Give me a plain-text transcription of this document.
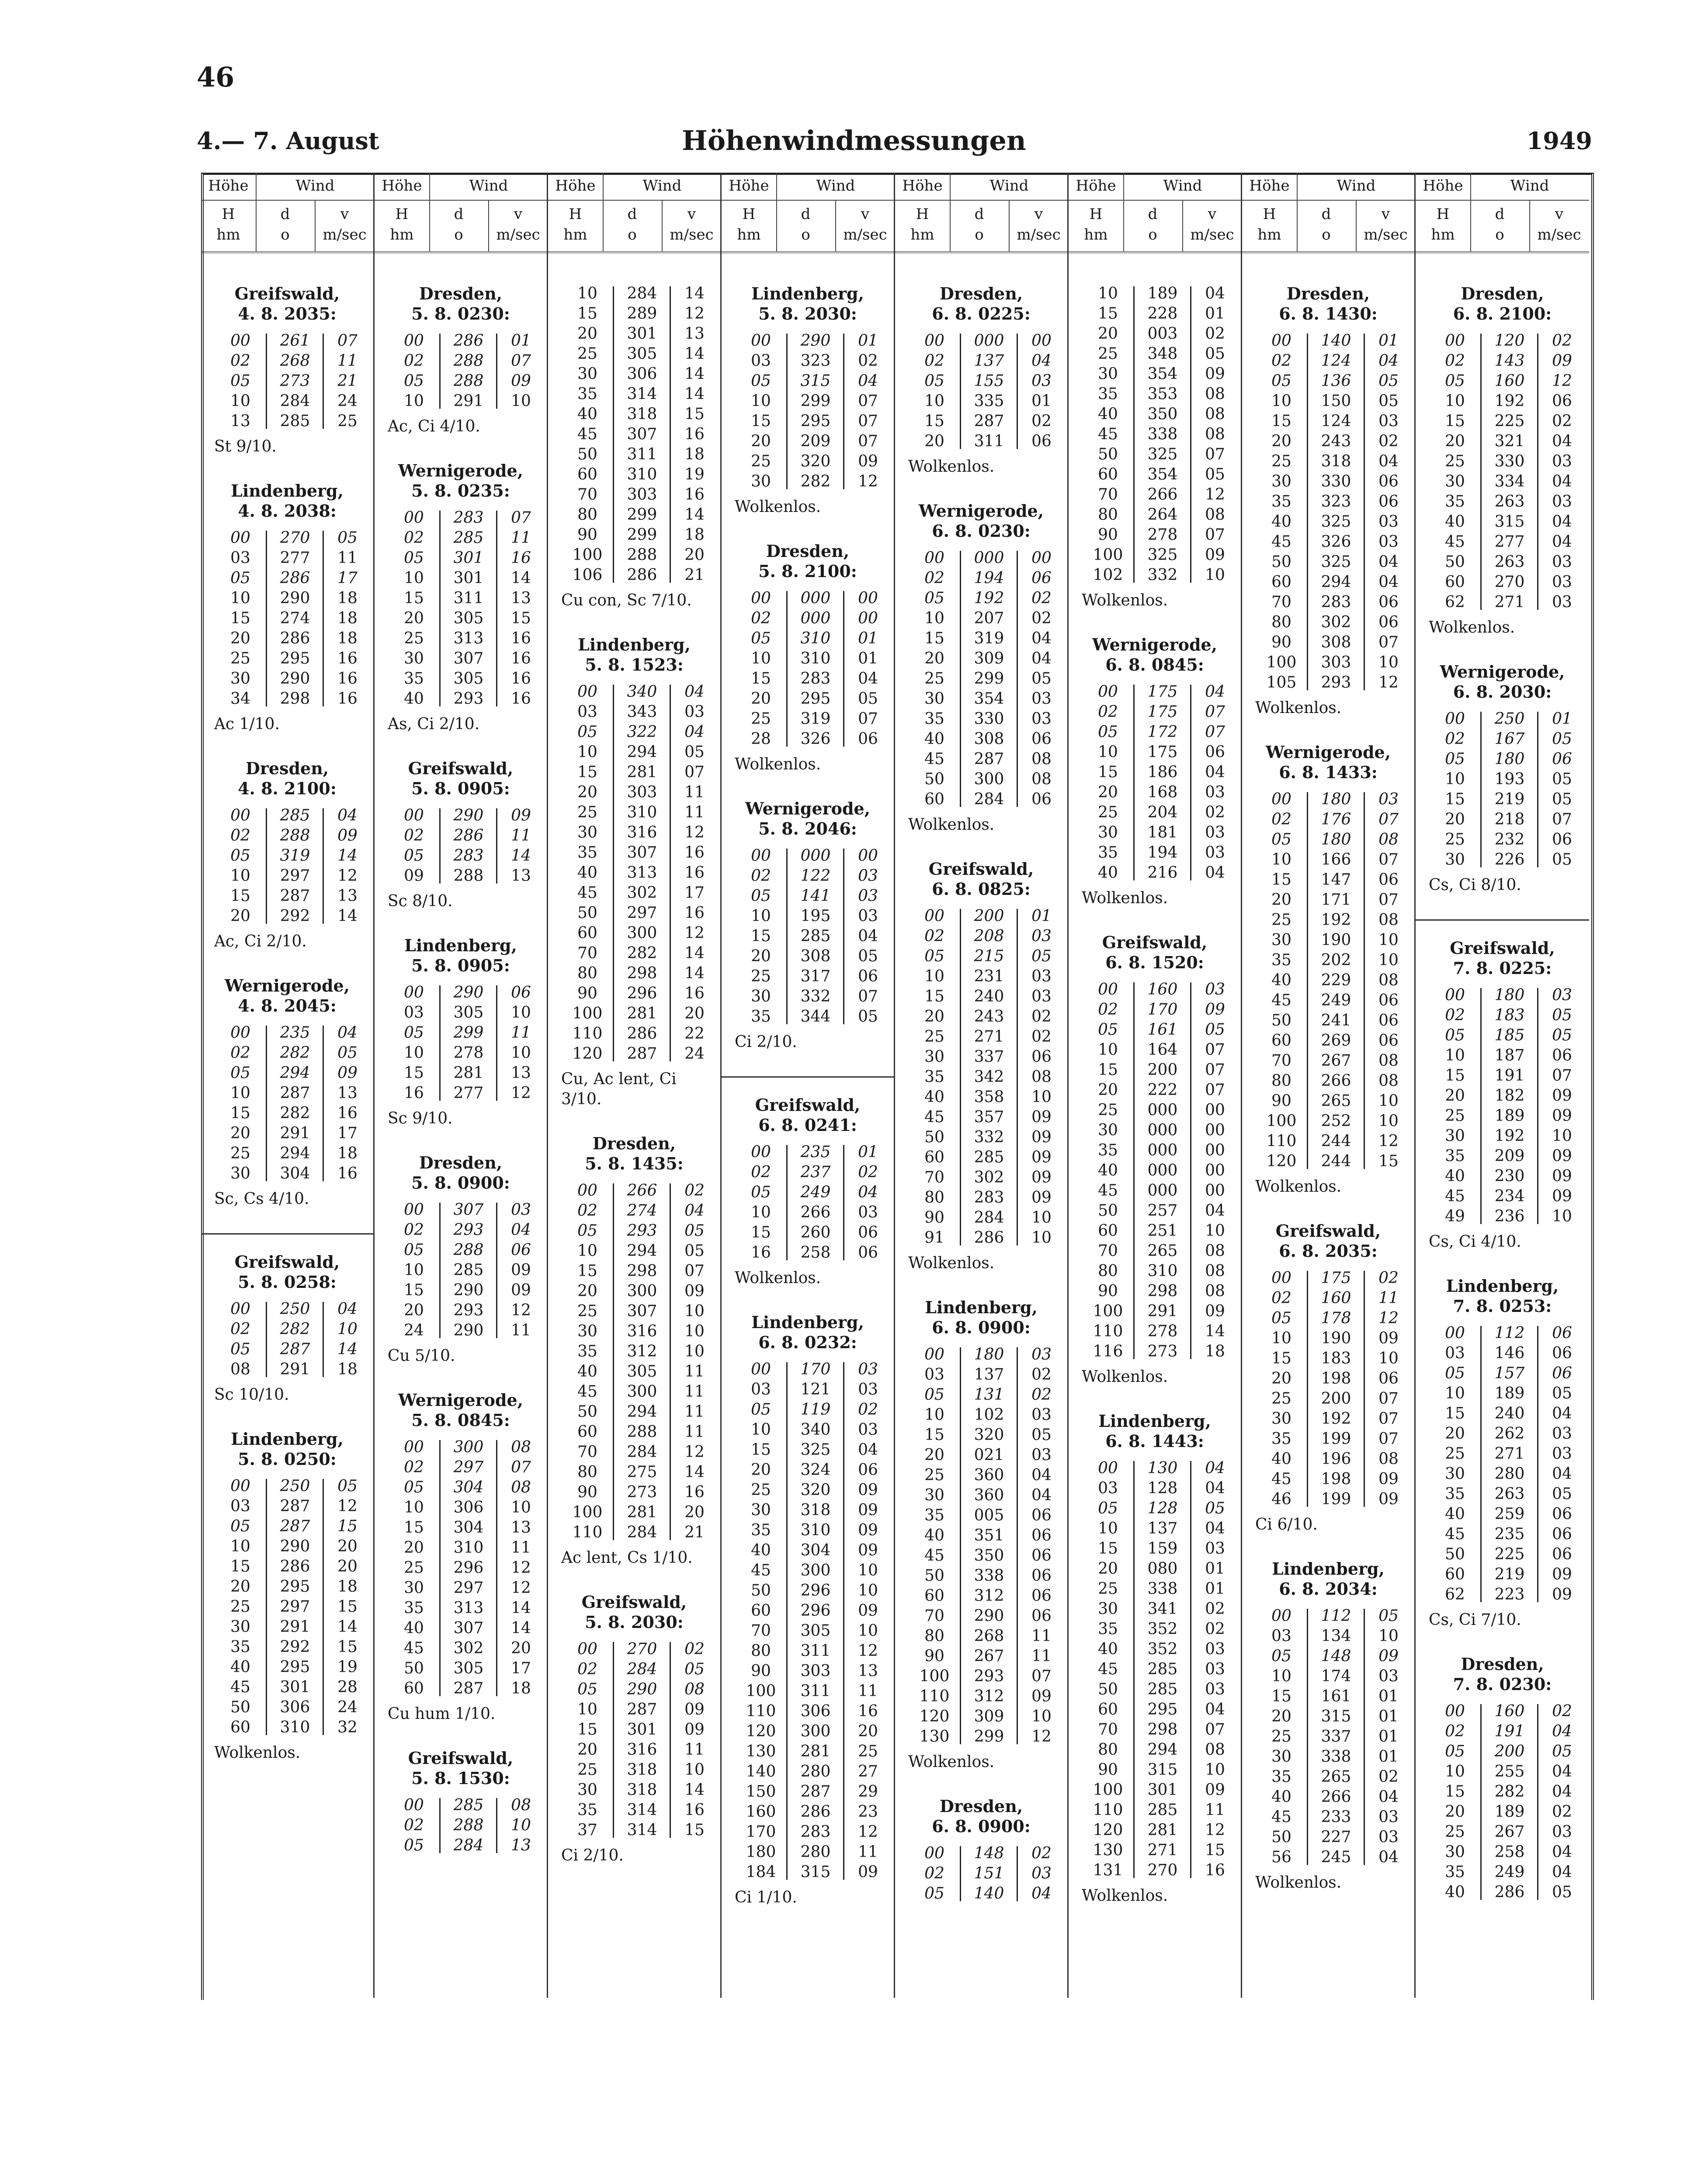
46
4.— 7. August	Höhenwindmessungen	1949
Höhe	Wind
H	d	v
hm	o	m/sec
Greifswald,
4. 8. 2035:
00	261	07
02	268	11
05	273	21
10	284	24
13	285	25
St 9/10.
Lindenberg,
4. 8. 2038:
00	270	05
03	277	11
05	286	17
10	290	18
15	274	18
20	286	18
25	295	16
30	290	16
34	298	16
Ac 1/10.
Dresden,
4. 8. 2100:
00	285	04
02	288	09
05	319	14
10	297	12
15	287	13
20	292	14
Ac, Ci 2/10.
Wernigerode,
4. 8. 2045:
00	235	04
02	282	05
05	294	09
10	287	13
15	282	16
20	291	17
25	294	18
30	304	16
Sc, Cs 4/10.
Greifswald,
5. 8. 0258:
00	250	04
02	282	10
05	287	14
08	291	18
Sc 10/10.
Lindenberg,
5. 8. 0250:
00	250	05
03	287	12
05	287	15
10	290	20
15	286	20
20	295	18
25	297	15
30	291	14
35	292	15
40	295	19
45	301	28
50	306	24
60	310	32
Wolkenlos.
Höhe	Wind
H	d	v
hm	o	m/sec
Dresden,
5. 8. 0230:
00	286	01
02	288	07
05	288	09
10	291	10
Ac, Ci 4/10.
Wernigerode,
5. 8. 0235:
00	283	07
02	285	11
05	301	16
10	301	14
15	311	13
20	305	15
25	313	16
30	307	16
35	305	16
40	293	16
As, Ci 2/10.
Greifswald,
5. 8. 0905:
00	290	09
02	286	11
05	283	14
09	288	13
Sc 8/10.
Lindenberg,
5. 8. 0905:
00	290	06
03	305	10
05	299	11
10	278	10
15	281	13
16	277	12
Sc 9/10.
Dresden,
5. 8. 0900:
00	307	03
02	293	04
05	288	06
10	285	09
15	290	09
20	293	12
24	290	11
Cu 5/10.
Wernigerode,
5. 8. 0845:
00	300	08
02	297	07
05	304	08
10	306	10
15	304	13
20	310	11
25	296	12
30	297	12
35	313	14
40	307	14
45	302	20
50	305	17
60	287	18
Cu hum 1/10.
Greifswald,
5. 8. 1530:
00	285	08
02	288	10
05	284	13
Höhe	Wind
H	d	v
hm	o	m/sec
10	284	14
15	289	12
20	301	13
25	305	14
30	306	14
35	314	14
40	318	15
45	307	16
50	311	18
60	310	19
70	303	16
80	299	14
90	299	18
100	288	20
106	286	21
Cu con, Sc 7/10.
Lindenberg,
5. 8. 1523:
00	340	04
03	343	03
05	322	04
10	294	05
15	281	07
20	303	11
25	310	11
30	316	12
35	307	16
40	313	16
45	302	17
50	297	16
60	300	12
70	282	14
80	298	14
90	296	16
100	281	20
110	286	22
120	287	24
Cu, Ac lent, Ci 3/10.
Dresden,
5. 8. 1435:
00	266	02
02	274	04
05	293	05
10	294	05
15	298	07
20	300	09
25	307	10
30	316	10
35	312	10
40	305	11
45	300	11
50	294	11
60	288	11
70	284	12
80	275	14
90	273	16
100	281	20
110	284	21
Ac lent, Cs 1/10.
Greifswald,
5. 8. 2030:
00	270	02
02	284	05
05	290	08
10	287	09
15	301	09
20	316	11
25	318	10
30	318	14
35	314	16
37	314	15
Ci 2/10.
Höhe	Wind
H	d	v
hm	o	m/sec
Lindenberg,
5. 8. 2030:
00	290	01
03	323	02
05	315	04
10	299	07
15	295	07
20	209	07
25	320	09
30	282	12
Wolkenlos.
Dresden,
5. 8. 2100:
00	000	00
02	000	00
05	310	01
10	310	01
15	283	04
20	295	05
25	319	07
28	326	06
Wolkenlos.
Wernigerode,
5. 8. 2046:
00	000	00
02	122	03
05	141	03
10	195	03
15	285	04
20	308	05
25	317	06
30	332	07
35	344	05
Ci 2/10.
Greifswald,
6. 8. 0241:
00	235	01
02	237	02
05	249	04
10	266	03
15	260	06
16	258	06
Wolkenlos.
Lindenberg,
6. 8. 0232:
00	170	03
03	121	03
05	119	02
10	340	03
15	325	04
20	324	06
25	320	09
30	318	09
35	310	09
40	304	09
45	300	10
50	296	10
60	296	09
70	305	10
80	311	12
90	303	13
100	311	11
110	306	16
120	300	20
130	281	25
140	280	27
150	287	29
160	286	23
170	283	12
180	280	11
184	315	09
Ci 1/10.
Höhe	Wind
H	d	v
hm	o	m/sec
Dresden,
6. 8. 0225:
00	000	00
02	137	04
05	155	03
10	335	01
15	287	02
20	311	06
Wolkenlos.
Wernigerode,
6. 8. 0230:
00	000	00
02	194	06
05	192	02
10	207	02
15	319	04
20	309	04
25	299	05
30	354	03
35	330	03
40	308	06
45	287	08
50	300	08
60	284	06
Wolkenlos.
Greifswald,
6. 8. 0825:
00	200	01
02	208	03
05	215	05
10	231	03
15	240	03
20	243	02
25	271	02
30	337	06
35	342	08
40	358	10
45	357	09
50	332	09
60	285	09
70	302	09
80	283	09
90	284	10
91	286	10
Wolkenlos.
Lindenberg,
6. 8. 0900:
00	180	03
03	137	02
05	131	02
10	102	03
15	320	05
20	021	03
25	360	04
30	360	04
35	005	06
40	351	06
45	350	06
50	338	06
60	312	06
70	290	06
80	268	11
90	267	11
100	293	07
110	312	09
120	309	10
130	299	12
Wolkenlos.
Dresden,
6. 8. 0900:
00	148	02
02	151	03
05	140	04
Höhe	Wind
H	d	v
hm	o	m/sec
10	189	04
15	228	01
20	003	02
25	348	05
30	354	09
35	353	08
40	350	08
45	338	08
50	325	07
60	354	05
70	266	12
80	264	08
90	278	07
100	325	09
102	332	10
Wolkenlos.
Wernigerode,
6. 8. 0845:
00	175	04
02	175	07
05	172	07
10	175	06
15	186	04
20	168	03
25	204	02
30	181	03
35	194	03
40	216	04
Wolkenlos.
Greifswald,
6. 8. 1520:
00	160	03
02	170	09
05	161	05
10	164	07
15	200	07
20	222	07
25	000	00
30	000	00
35	000	00
40	000	00
45	000	00
50	257	04
60	251	10
70	265	08
80	310	08
90	298	08
100	291	09
110	278	14
116	273	18
Wolkenlos.
Lindenberg,
6. 8. 1443:
00	130	04
03	128	04
05	128	05
10	137	04
15	159	03
20	080	01
25	338	01
30	341	02
35	352	02
40	352	03
45	285	03
50	285	03
60	295	04
70	298	07
80	294	08
90	315	10
100	301	09
110	285	11
120	281	12
130	271	15
131	270	16
Wolkenlos.
Höhe	Wind
H	d	v
hm	o	m/sec
Dresden,
6. 8. 1430:
00	140	01
02	124	04
05	136	05
10	150	05
15	124	03
20	243	02
25	318	04
30	330	06
35	323	06
40	325	03
45	326	03
50	325	04
60	294	04
70	283	06
80	302	06
90	308	07
100	303	10
105	293	12
Wolkenlos.
Wernigerode,
6. 8. 1433:
00	180	03
02	176	07
05	180	08
10	166	07
15	147	06
20	171	07
25	192	08
30	190	10
35	202	10
40	229	08
45	249	06
50	241	06
60	269	06
70	267	08
80	266	08
90	265	10
100	252	10
110	244	12
120	244	15
Wolkenlos.
Greifswald,
6. 8. 2035:
00	175	02
02	160	11
05	178	12
10	190	09
15	183	10
20	198	06
25	200	07
30	192	07
35	199	07
40	196	08
45	198	09
46	199	09
Ci 6/10.
Lindenberg,
6. 8. 2034:
00	112	05
03	134	10
05	148	09
10	174	03
15	161	01
20	315	01
25	337	01
30	338	01
35	265	02
40	266	04
45	233	03
50	227	03
56	245	04
Wolkenlos.
Höhe	Wind
H	d	v
hm	o	m/sec
Dresden,
6. 8. 2100:
00	120	02
02	143	09
05	160	12
10	192	06
15	225	02
20	321	04
25	330	03
30	334	04
35	263	03
40	315	04
45	277	04
50	263	03
60	270	03
62	271	03
Wolkenlos.
Wernigerode,
6. 8. 2030:
00	250	01
02	167	05
05	180	06
10	193	05
15	219	05
20	218	07
25	232	06
30	226	05
Cs, Ci 8/10.
Greifswald,
7. 8. 0225:
00	180	03
02	183	05
05	185	05
10	187	06
15	191	07
20	182	09
25	189	09
30	192	10
35	209	09
40	230	09
45	234	09
49	236	10
Cs, Ci 4/10.
Lindenberg,
7. 8. 0253:
00	112	06
03	146	06
05	157	06
10	189	05
15	240	04
20	262	03
25	271	03
30	280	04
35	263	05
40	259	06
45	235	06
50	225	06
60	219	09
62	223	09
Cs, Ci 7/10.
Dresden,
7. 8. 0230:
00	160	02
02	191	04
05	200	05
10	255	04
15	282	04
20	189	02
25	267	03
30	258	04
35	249	04
40	286	05
